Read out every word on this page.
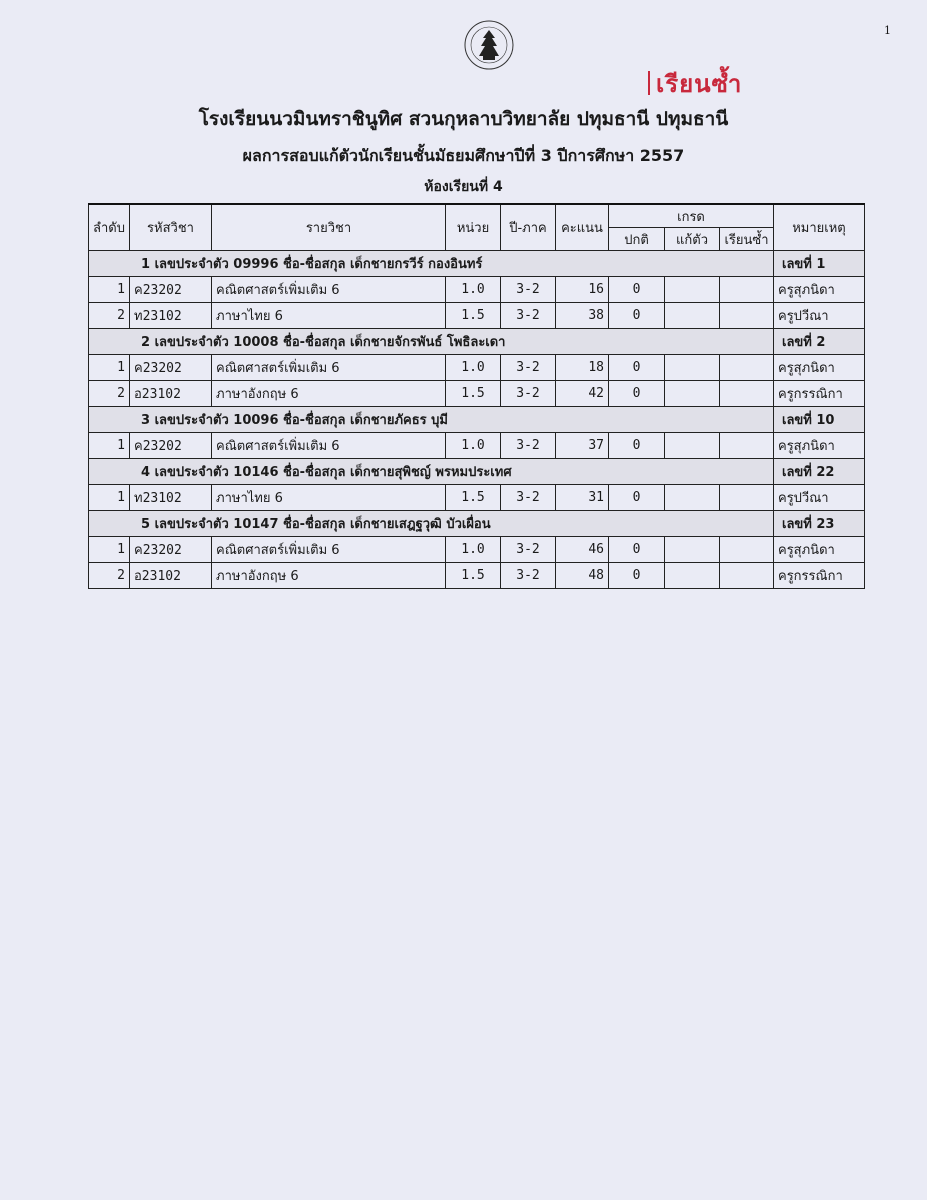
1
เรียนซ้ำ
โรงเรียนนวมินทราชินูทิศ สวนกุหลาบวิทยาลัย ปทุมธานี ปทุมธานี
ผลการสอบแก้ตัวนักเรียนชั้นมัธยมศึกษาปีที่ 3 ปีการศึกษา 2557
ห้องเรียนที่ 4
ลำดับ	รหัสวิชา	รายวิชา	หน่วย	ปี-ภาค	คะแนน	เกรด			หมายเหตุ
						ปกติ	แก้ตัว	เรียนซ้ำ	
1 เลขประจำตัว 09996 ชื่อ-ชื่อสกุล เด็กชายกรวีร์ กองอินทร์									เลขที่ 1
1	ค23202	คณิตศาสตร์เพิ่มเติม 6	1.0	3-2	16	0			ครูสุภนิดา
2	ท23102	ภาษาไทย 6	1.5	3-2	38	0			ครูปวีณา
2 เลขประจำตัว 10008 ชื่อ-ชื่อสกุล เด็กชายจักรพันธ์ โพธิละเดา									เลขที่ 2
1	ค23202	คณิตศาสตร์เพิ่มเติม 6	1.0	3-2	18	0			ครูสุภนิดา
2	อ23102	ภาษาอังกฤษ 6	1.5	3-2	42	0			ครูกรรณิกา
3 เลขประจำตัว 10096 ชื่อ-ชื่อสกุล เด็กชายภัคธร บุมี									เลขที่ 10
1	ค23202	คณิตศาสตร์เพิ่มเติม 6	1.0	3-2	37	0			ครูสุภนิดา
4 เลขประจำตัว 10146 ชื่อ-ชื่อสกุล เด็กชายสุพิชญ์ พรหมประเทศ									เลขที่ 22
1	ท23102	ภาษาไทย 6	1.5	3-2	31	0			ครูปวีณา
5 เลขประจำตัว 10147 ชื่อ-ชื่อสกุล เด็กชายเสฎฐวุฒิ บัวเผื่อน									เลขที่ 23
1	ค23202	คณิตศาสตร์เพิ่มเติม 6	1.0	3-2	46	0			ครูสุภนิดา
2	อ23102	ภาษาอังกฤษ 6	1.5	3-2	48	0			ครูกรรณิกา
